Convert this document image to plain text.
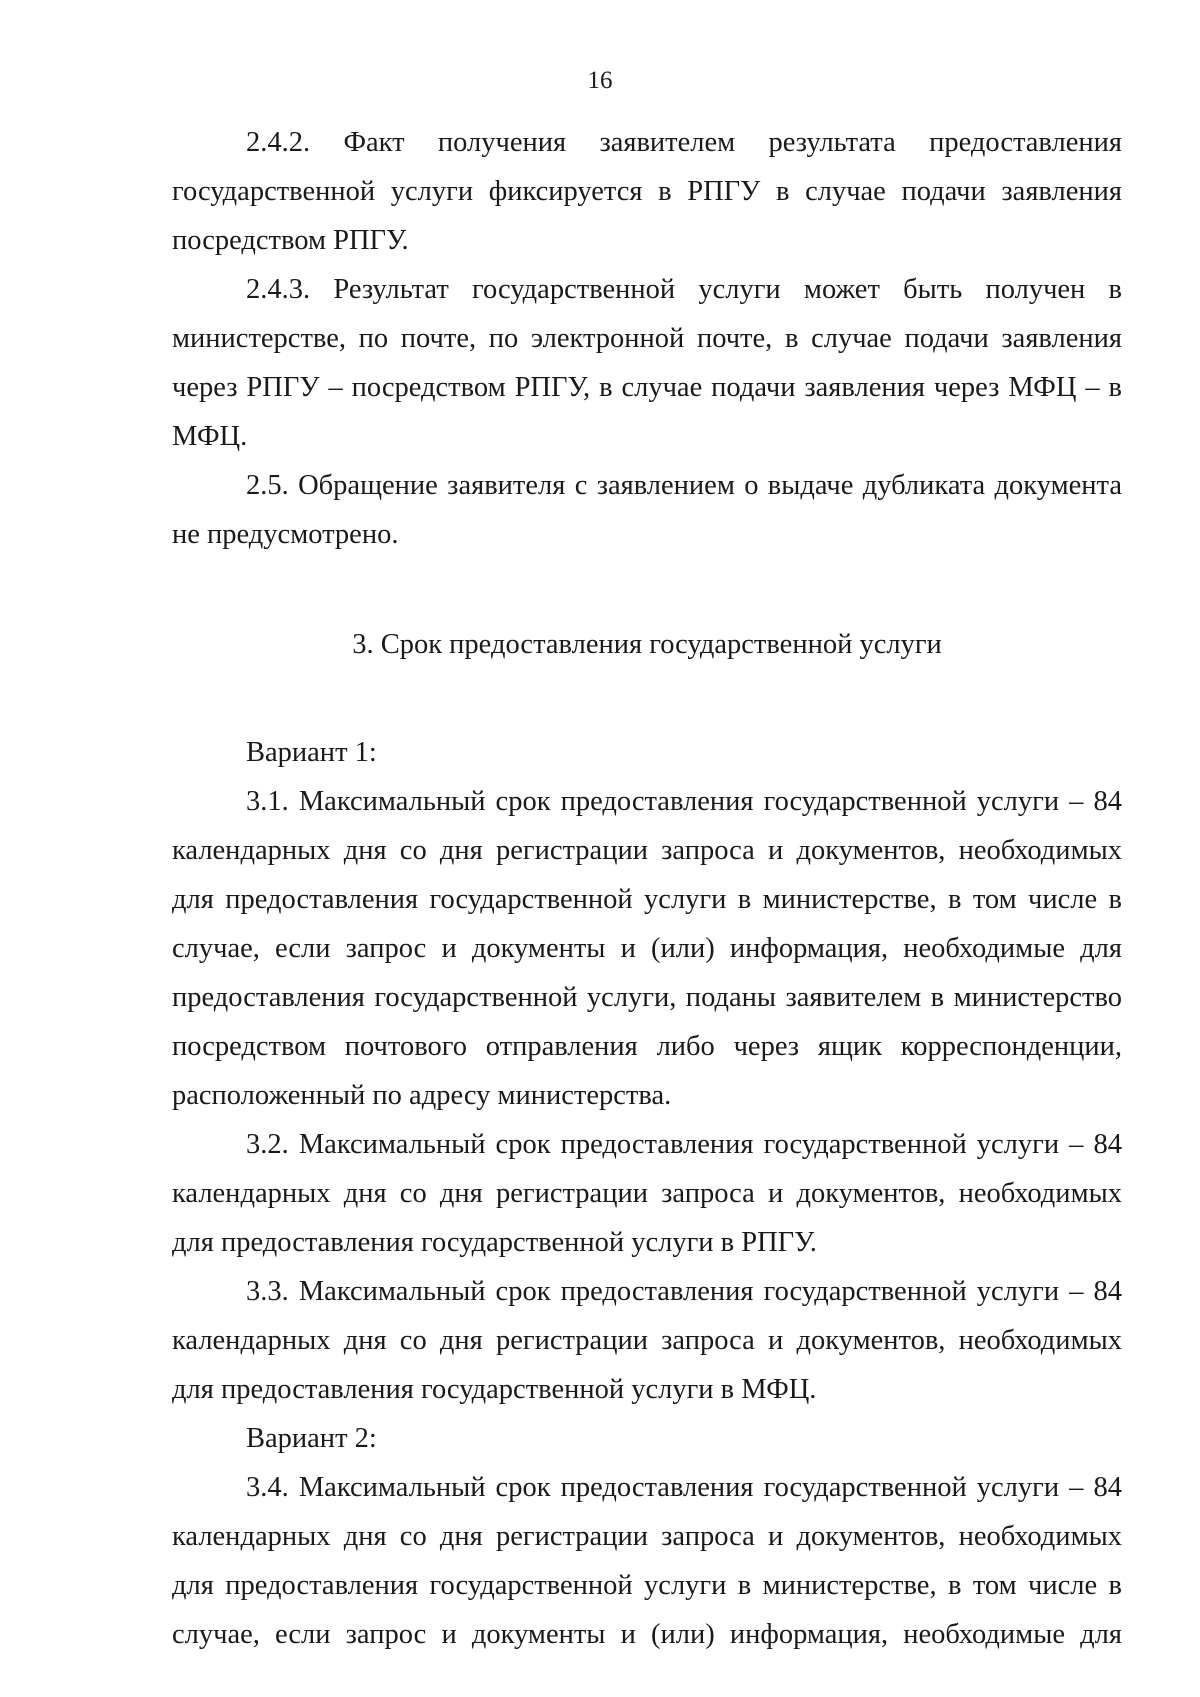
16

2.4.2. Факт получения заявителем результата предоставления государственной услуги фиксируется в РПГУ в случае подачи заявления посредством РПГУ.

2.4.3. Результат государственной услуги может быть получен в министерстве, по почте, по электронной почте, в случае подачи заявления через РПГУ – посредством РПГУ, в случае подачи заявления через МФЦ – в МФЦ.

2.5. Обращение заявителя с заявлением о выдаче дубликата документа не предусмотрено.

3. Срок предоставления государственной услуги

Вариант 1:

3.1. Максимальный срок предоставления государственной услуги – 84 календарных дня со дня регистрации запроса и документов, необходимых для предоставления государственной услуги в министерстве, в том числе в случае, если запрос и документы и (или) информация, необходимые для предоставления государственной услуги, поданы заявителем в министерство посредством почтового отправления либо через ящик корреспонденции, расположенный по адресу министерства.

3.2. Максимальный срок предоставления государственной услуги – 84 календарных дня со дня регистрации запроса и документов, необходимых для предоставления государственной услуги в РПГУ.

3.3. Максимальный срок предоставления государственной услуги – 84 календарных дня со дня регистрации запроса и документов, необходимых для предоставления государственной услуги в МФЦ.

Вариант 2:

3.4. Максимальный срок предоставления государственной услуги – 84 календарных дня со дня регистрации запроса и документов, необходимых для предоставления государственной услуги в министерстве, в том числе в случае, если запрос и документы и (или) информация, необходимые для
